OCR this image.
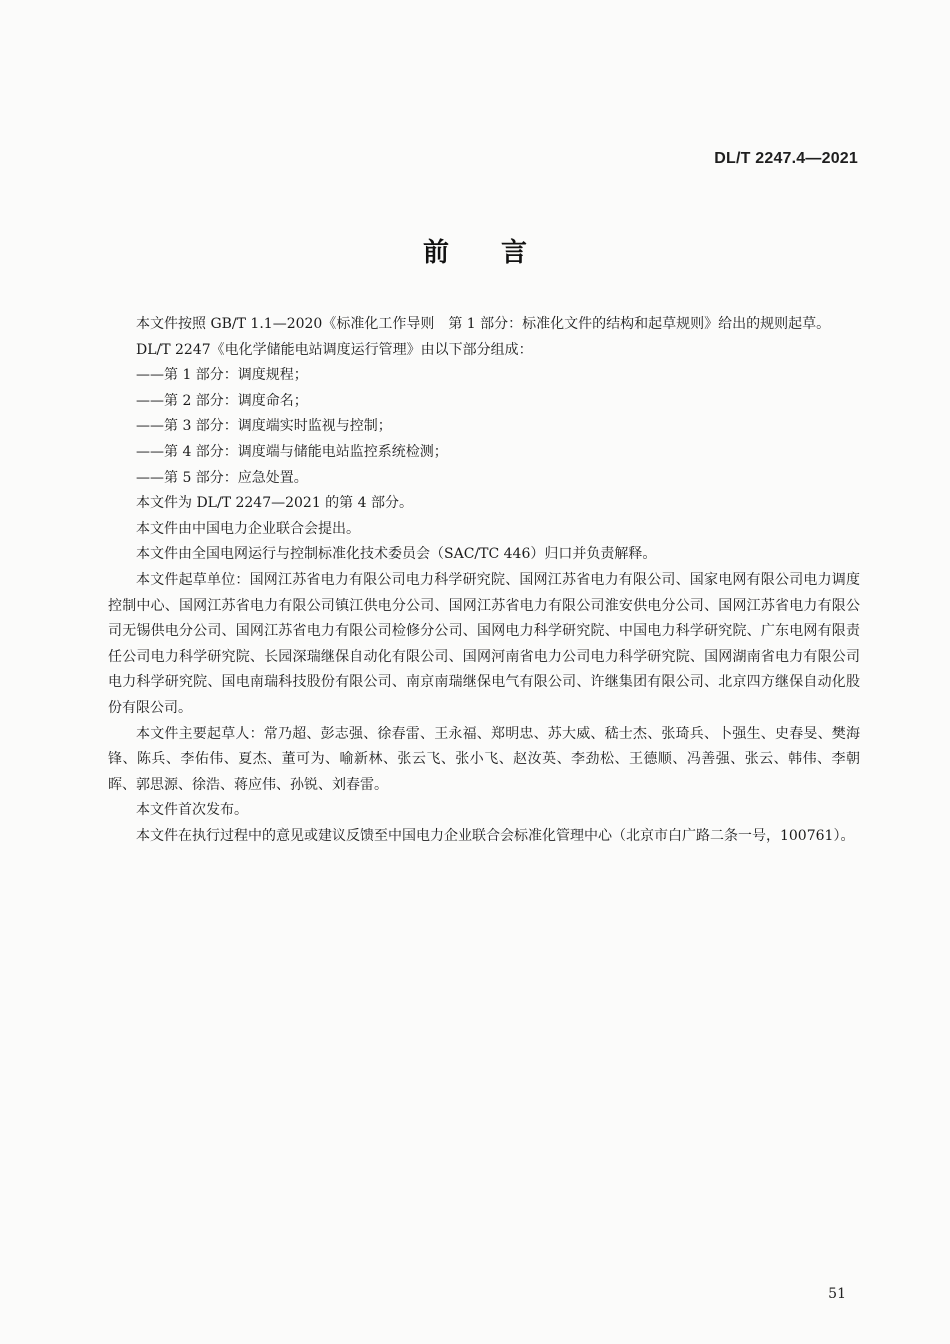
DL/T 2247.4—2021
前言

本文件按照 GB/T 1.1—2020《标准化工作导则　第 1 部分：标准化文件的结构和起草规则》给出的规则起草。

DL/T 2247《电化学储能电站调度运行管理》由以下部分组成：

——第 1 部分：调度规程；

——第 2 部分：调度命名；

——第 3 部分：调度端实时监视与控制；

——第 4 部分：调度端与储能电站监控系统检测；

——第 5 部分：应急处置。

本文件为 DL/T 2247—2021 的第 4 部分。

本文件由中国电力企业联合会提出。

本文件由全国电网运行与控制标准化技术委员会（SAC/TC 446）归口并负责解释。

本文件起草单位：国网江苏省电力有限公司电力科学研究院、国网江苏省电力有限公司、国家电网有限公司电力调度控制中心、国网江苏省电力有限公司镇江供电分公司、国网江苏省电力有限公司淮安供电分公司、国网江苏省电力有限公司无锡供电分公司、国网江苏省电力有限公司检修分公司、国网电力科学研究院、中国电力科学研究院、广东电网有限责任公司电力科学研究院、长园深瑞继保自动化有限公司、国网河南省电力公司电力科学研究院、国网湖南省电力有限公司电力科学研究院、国电南瑞科技股份有限公司、南京南瑞继保电气有限公司、许继集团有限公司、北京四方继保自动化股份有限公司。

本文件主要起草人：常乃超、彭志强、徐春雷、王永福、郑明忠、苏大威、嵇士杰、张琦兵、卜强生、史春旻、樊海锋、陈兵、李佑伟、夏杰、董可为、喻新林、张云飞、张小飞、赵汝英、李劲松、王德顺、冯善强、张云、韩伟、李朝晖、郭思源、徐浩、蒋应伟、孙锐、刘春雷。

本文件首次发布。

本文件在执行过程中的意见或建议反馈至中国电力企业联合会标准化管理中心（北京市白广路二条一号，100761）。

51
